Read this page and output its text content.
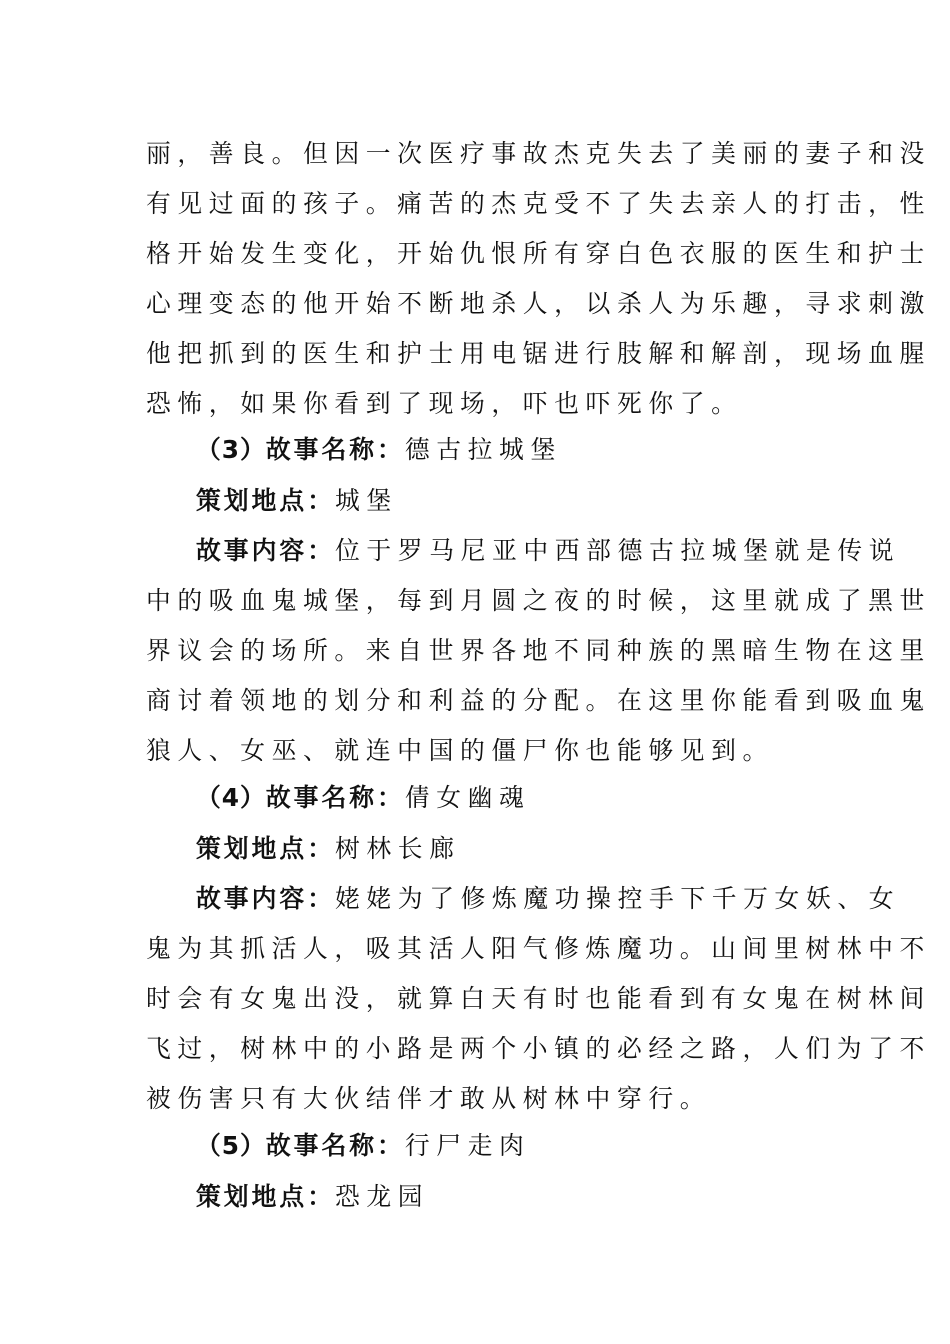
丽，善良。但因一次医疗事故杰克失去了美丽的妻子和没
有见过面的孩子。痛苦的杰克受不了失去亲人的打击，性
格开始发生变化，开始仇恨所有穿白色衣服的医生和护士
心理变态的他开始不断地杀人，以杀人为乐趣，寻求刺激
他把抓到的医生和护士用电锯进行肢解和解剖，现场血腥
恐怖，如果你看到了现场，吓也吓死你了。
（3）故事名称：德古拉城堡
策划地点：城堡
故事内容：位于罗马尼亚中西部德古拉城堡就是传说
中的吸血鬼城堡，每到月圆之夜的时候，这里就成了黑世
界议会的场所。来自世界各地不同种族的黑暗生物在这里
商讨着领地的划分和利益的分配。在这里你能看到吸血鬼
狼人、女巫、就连中国的僵尸你也能够见到。
（4）故事名称：倩女幽魂
策划地点：树林长廊
故事内容：姥姥为了修炼魔功操控手下千万女妖、女
鬼为其抓活人，吸其活人阳气修炼魔功。山间里树林中不
时会有女鬼出没，就算白天有时也能看到有女鬼在树林间
飞过，树林中的小路是两个小镇的必经之路，人们为了不
被伤害只有大伙结伴才敢从树林中穿行。
（5）故事名称：行尸走肉
策划地点：恐龙园
